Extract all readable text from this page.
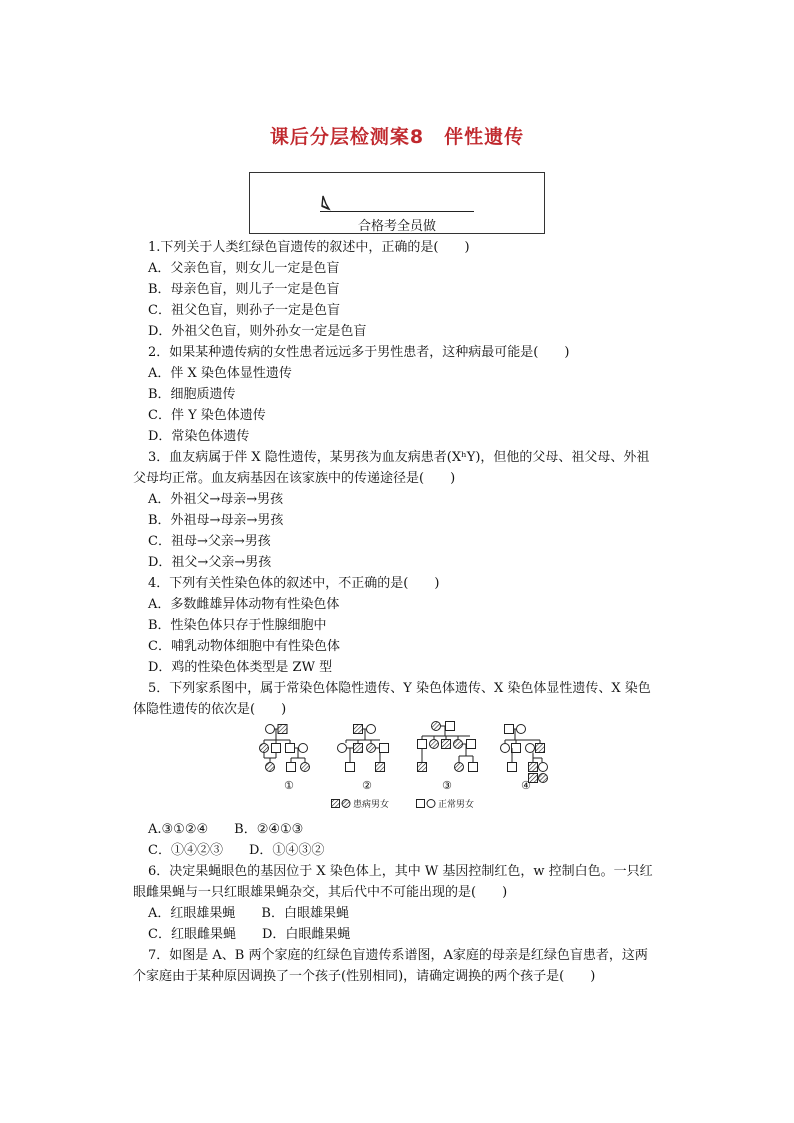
课后分层检测案8　伴性遗传
合格考全员做
1.下列关于人类红绿色盲遗传的叙述中，正确的是(　　)
A．父亲色盲，则女儿一定是色盲
B．母亲色盲，则儿子一定是色盲
C．祖父色盲，则孙子一定是色盲
D．外祖父色盲，则外孙女一定是色盲
2．如果某种遗传病的女性患者远远多于男性患者，这种病最可能是(　　)
A．伴 X 染色体显性遗传
B．细胞质遗传
C．伴 Y 染色体遗传
D．常染色体遗传
3．血友病属于伴 X 隐性遗传，某男孩为血友病患者(XʰY)，但他的父母、祖父母、外祖
父母均正常。血友病基因在该家族中的传递途径是(　　)
A．外祖父→母亲→男孩
B．外祖母→母亲→男孩
C．祖母→父亲→男孩
D．祖父→父亲→男孩
4．下列有关性染色体的叙述中，不正确的是(　　)
A．多数雌雄异体动物有性染色体
B．性染色体只存于性腺细胞中
C．哺乳动物体细胞中有性染色体
D．鸡的性染色体类型是 ZW 型
5．下列家系图中，属于常染色体隐性遗传、Y 染色体遗传、X 染色体显性遗传、X 染色
体隐性遗传的依次是(　　)
①	②	③	④
患病男女	正常男女
A.③①②④　　B．②④①③
C．①④②③　　D．①④③②
6．决定果蝇眼色的基因位于 X 染色体上，其中 W 基因控制红色，w 控制白色。一只红
眼雌果蝇与一只红眼雄果蝇杂交，其后代中不可能出现的是(　　)
A．红眼雄果蝇　　B．白眼雄果蝇
C．红眼雌果蝇　　D．白眼雌果蝇
7．如图是 A、B 两个家庭的红绿色盲遗传系谱图，A家庭的母亲是红绿色盲患者，这两
个家庭由于某种原因调换了一个孩子(性别相同)，请确定调换的两个孩子是(　　)
